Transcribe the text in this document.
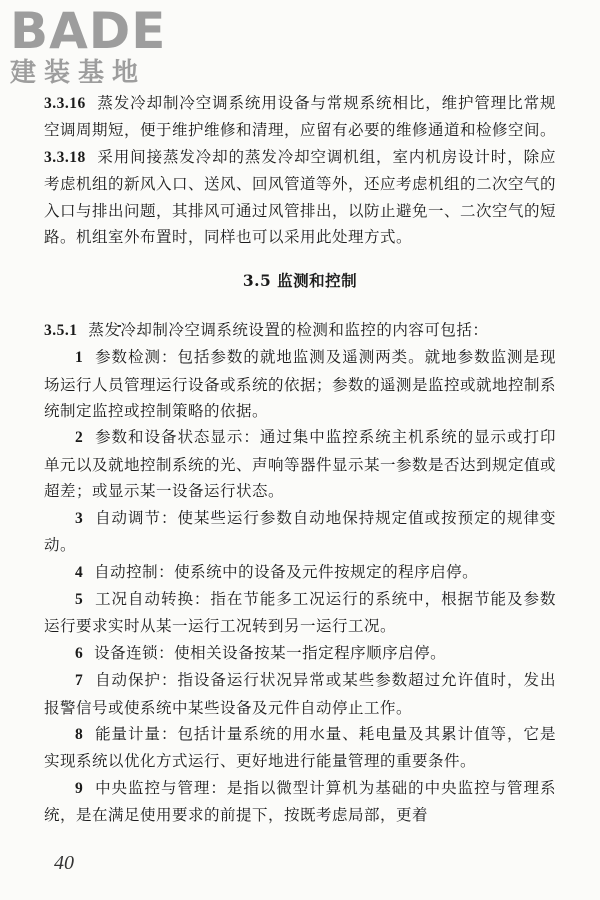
BADE
建装基地

3.3.16 蒸发冷却制冷空调系统用设备与常规系统相比，维护管理比常规空调周期短，便于维护维修和清理，应留有必要的维修通道和检修空间。

3.3.18 采用间接蒸发冷却的蒸发冷却空调机组，室内机房设计时，除应考虑机组的新风入口、送风、回风管道等外，还应考虑机组的二次空气的入口与排出问题，其排风可通过风管排出，以防止避免一、二次空气的短路。机组室外布置时，同样也可以采用此处理方式。

3.5 监测和控制

3.5.1 蒸发冷却制冷空调系统设置的检测和监控的内容可包括：

1 参数检测：包括参数的就地监测及遥测两类。就地参数监测是现场运行人员管理运行设备或系统的依据；参数的遥测是监控或就地控制系统制定监控或控制策略的依据。

2 参数和设备状态显示：通过集中监控系统主机系统的显示或打印单元以及就地控制系统的光、声响等器件显示某一参数是否达到规定值或超差；或显示某一设备运行状态。

3 自动调节：使某些运行参数自动地保持规定值或按预定的规律变动。

4 自动控制：使系统中的设备及元件按规定的程序启停。

5 工况自动转换：指在节能多工况运行的系统中，根据节能及参数运行要求实时从某一运行工况转到另一运行工况。

6 设备连锁：使相关设备按某一指定程序顺序启停。

7 自动保护：指设备运行状况异常或某些参数超过允许值时，发出报警信号或使系统中某些设备及元件自动停止工作。

8 能量计量：包括计量系统的用水量、耗电量及其累计值等，它是实现系统以优化方式运行、更好地进行能量管理的重要条件。

9 中央监控与管理：是指以微型计算机为基础的中央监控与管理系统，是在满足使用要求的前提下，按既考虑局部，更着

40
